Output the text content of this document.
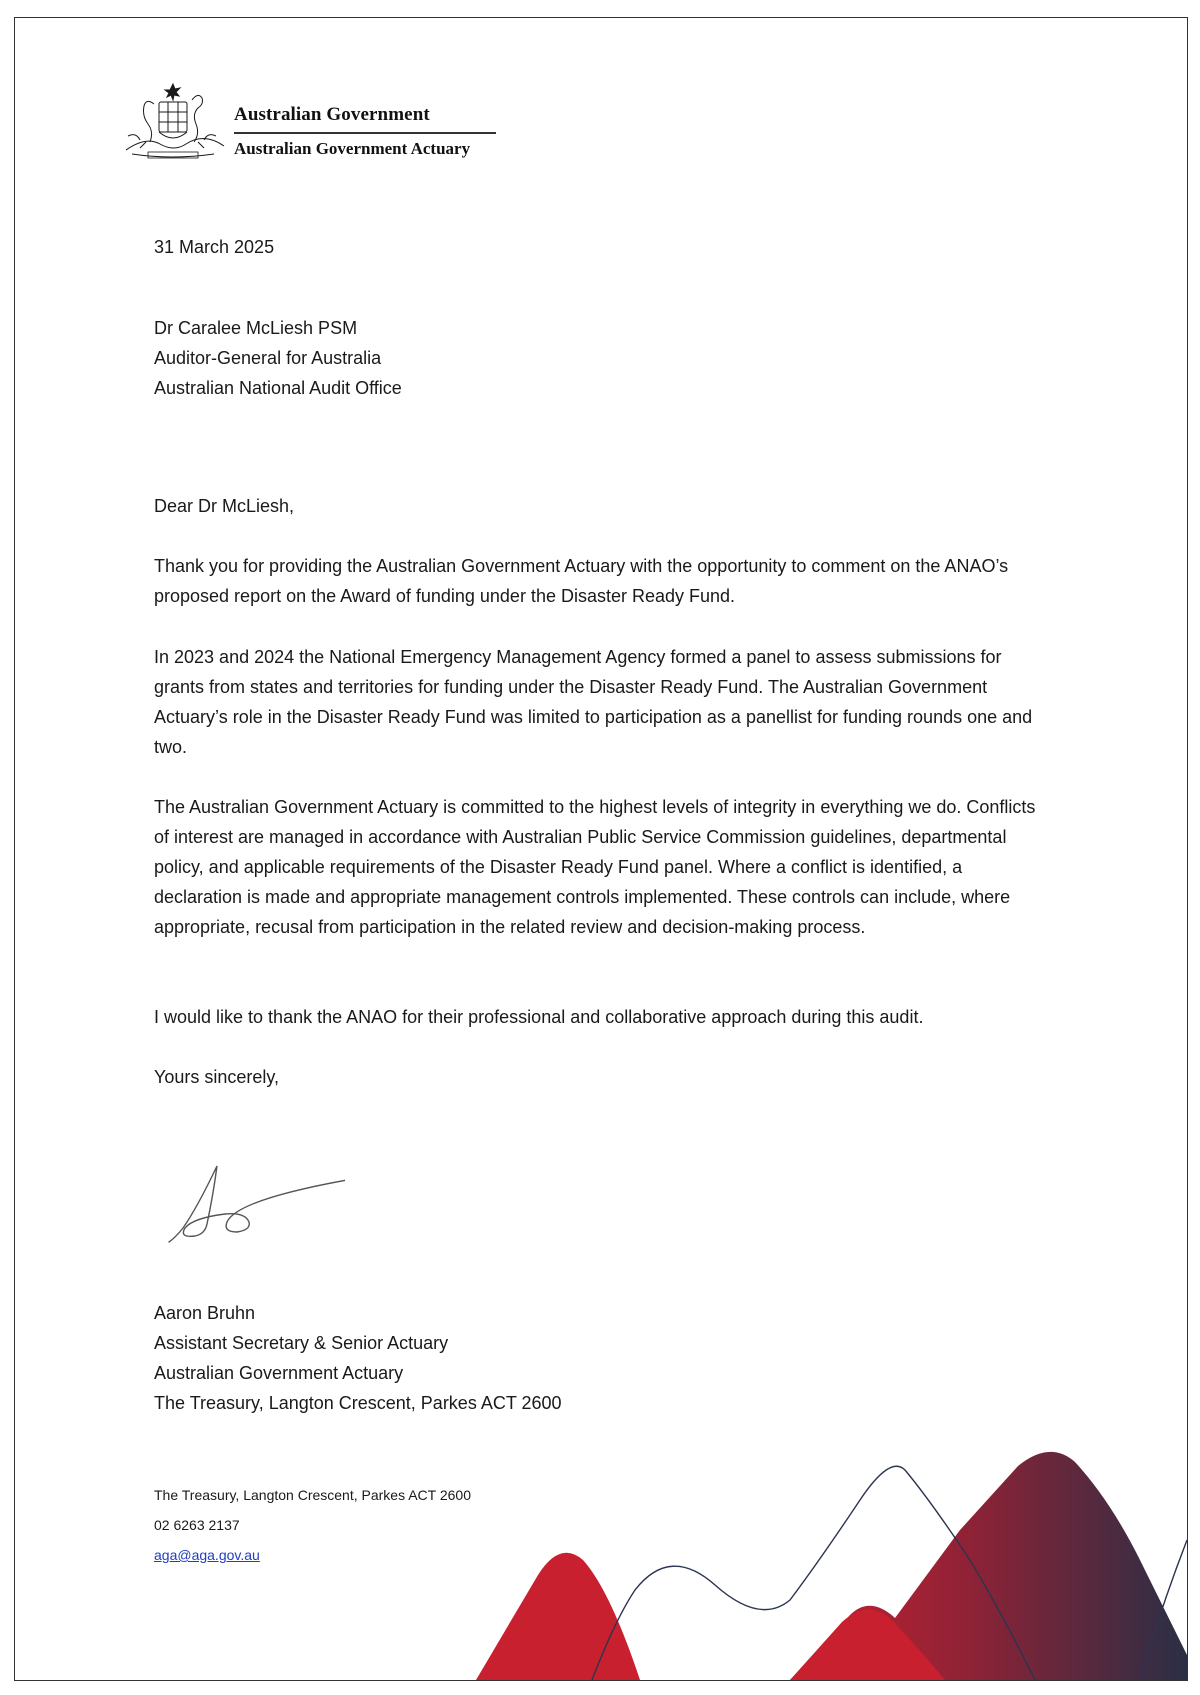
Australian Government
Australian Government Actuary
31 March 2025
Dr Caralee McLiesh PSM
Auditor-General for Australia
Australian National Audit Office
Dear Dr McLiesh,
Thank you for providing the Australian Government Actuary with the opportunity to comment on the ANAO’s proposed report on the Award of funding under the Disaster Ready Fund.
In 2023 and 2024 the National Emergency Management Agency formed a panel to assess submissions for grants from states and territories for funding under the Disaster Ready Fund. The Australian Government Actuary’s role in the Disaster Ready Fund was limited to participation as a panellist for funding rounds one and two.
The Australian Government Actuary is committed to the highest levels of integrity in everything we do. Conflicts of interest are managed in accordance with Australian Public Service Commission guidelines, departmental policy, and applicable requirements of the Disaster Ready Fund panel. Where a conflict is identified, a declaration is made and appropriate management controls implemented. These controls can include, where appropriate, recusal from participation in the related review and decision-making process.
I would like to thank the ANAO for their professional and collaborative approach during this audit.
Yours sincerely,
Aaron Bruhn
Assistant Secretary & Senior Actuary
Australian Government Actuary
The Treasury, Langton Crescent, Parkes ACT 2600
The Treasury, Langton Crescent, Parkes ACT 2600
02 6263 2137
aga@aga.gov.au
